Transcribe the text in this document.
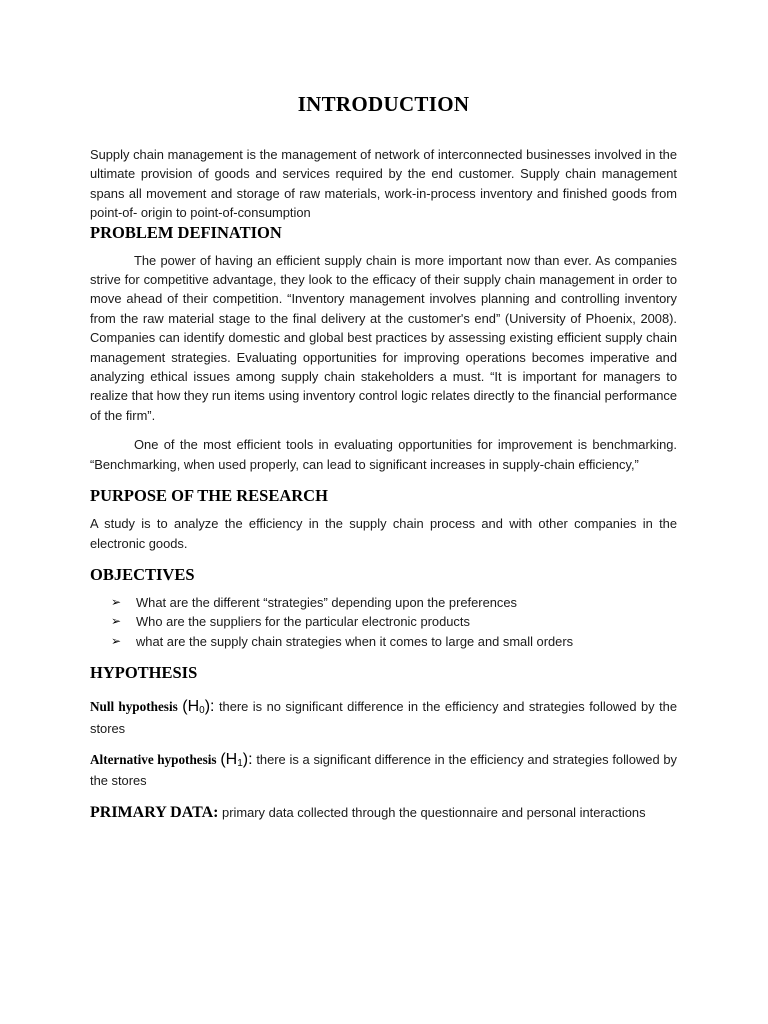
INTRODUCTION

Supply chain management is the management of network of interconnected businesses involved in the ultimate provision of goods and services required by the end customer. Supply chain management spans all movement and storage of raw materials, work-in-process inventory and finished goods from point-of- origin to point-of-consumption

PROBLEM DEFINATION

The power of having an efficient supply chain is more important now than ever. As companies strive for competitive advantage, they look to the efficacy of their supply chain management in order to move ahead of their competition. “Inventory management involves planning and controlling inventory from the raw material stage to the final delivery at the customer's end” (University of Phoenix, 2008). Companies can identify domestic and global best practices by assessing existing efficient supply chain management strategies. Evaluating opportunities for improving operations becomes imperative and analyzing ethical issues among supply chain stakeholders a must. “It is important for managers to realize that how they run items using inventory control logic relates directly to the financial performance of the firm”.

One of the most efficient tools in evaluating opportunities for improvement is benchmarking. “Benchmarking, when used properly, can lead to significant increases in supply-chain efficiency,”

PURPOSE OF THE RESEARCH

A study is to analyze the efficiency in the supply chain process and with other companies in the electronic goods.

OBJECTIVES
➢	What are the different “strategies” depending upon the preferences
➢	Who are the suppliers for the particular electronic products
➢	what are the supply chain strategies when it comes to large and small orders
HYPOTHESIS

Null hypothesis $(H_0)$: there is no significant difference in the efficiency and strategies followed by the stores

Alternative hypothesis $(H_1)$: there is a significant difference in the efficiency and strategies followed by the stores

PRIMARY DATA: primary data collected through the questionnaire and personal interactions
